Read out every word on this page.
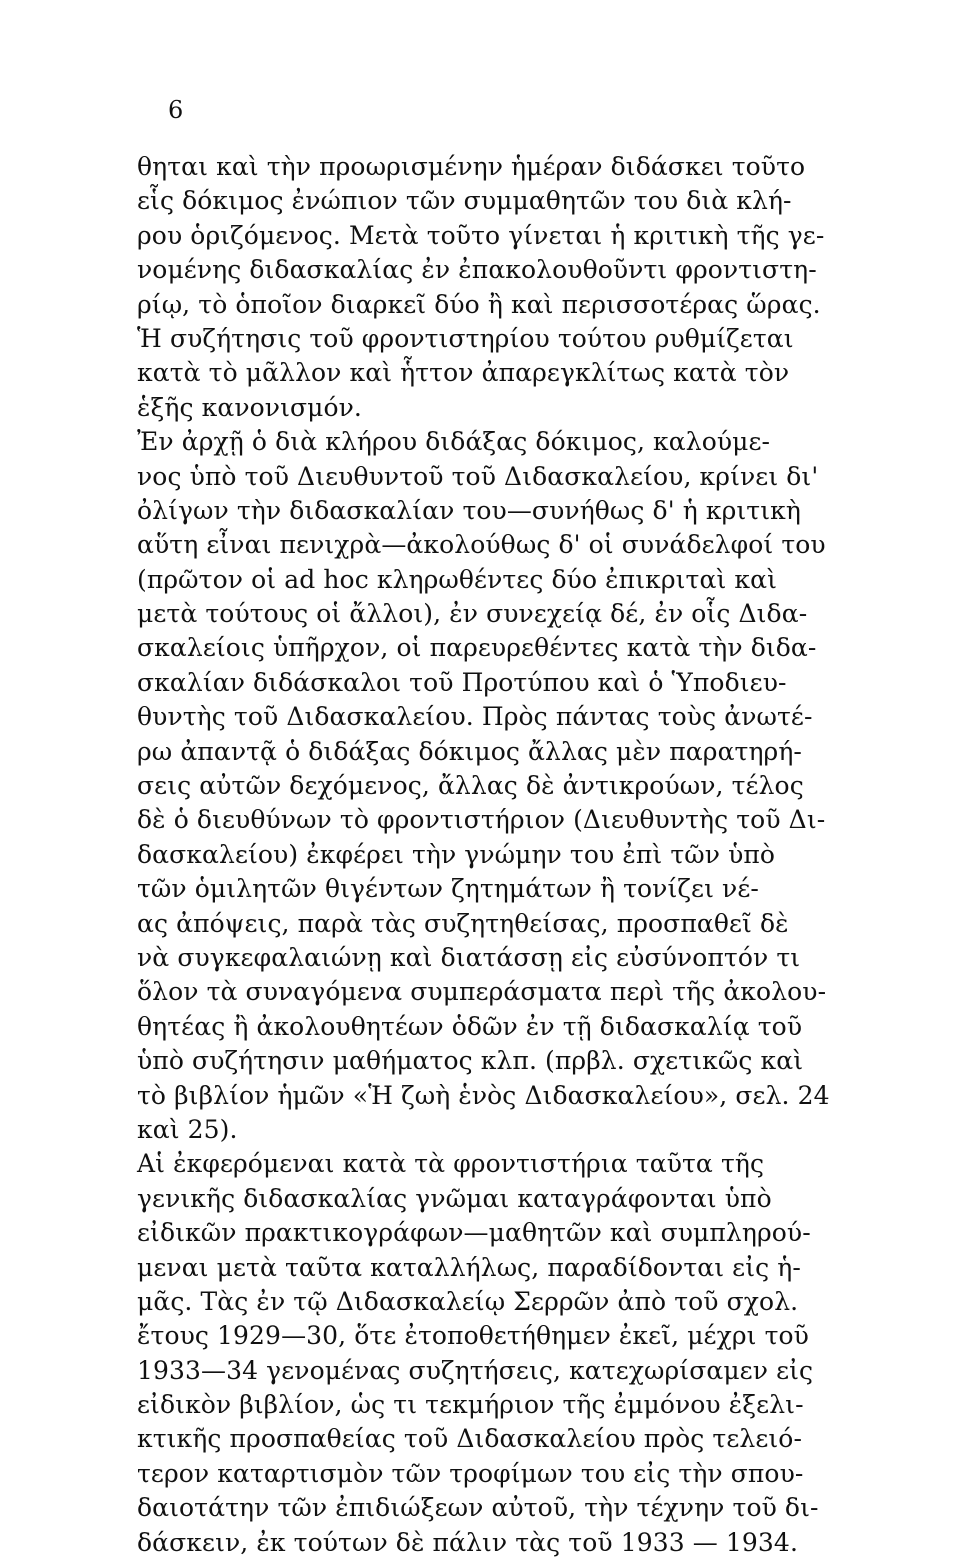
6
θηται καὶ τὴν προωρισμένην ἡμέραν διδάσκει τοῦτο
εἷς δόκιμος ἐνώπιον τῶν συμμαθητῶν του διὰ κλή-
ρου ὁριζόμενος. Μετὰ τοῦτο γίνεται ἡ κριτικὴ τῆς γε-
νομένης διδασκαλίας ἐν ἐπακολουθοῦντι φροντιστη-
ρίῳ, τὸ ὁποῖον διαρκεῖ δύο ἢ καὶ περισσοτέρας ὥρας.
Ἡ συζήτησις τοῦ φροντιστηρίου τούτου ρυθμίζεται
κατὰ τὸ μᾶλλον καὶ ἧττον ἀπαρεγκλίτως κατὰ τὸν
ἑξῆς κανονισμόν.
Ἐν ἀρχῇ ὁ διὰ κλήρου διδάξας δόκιμος, καλούμε-
νος ὑπὸ τοῦ Διευθυντοῦ τοῦ Διδασκαλείου, κρίνει δι'
ὀλίγων τὴν διδασκαλίαν του—συνήθως δ' ἡ κριτικὴ
αὕτη εἶναι πενιχρὰ—ἀκολούθως δ' οἱ συνάδελφοί του
(πρῶτον οἱ ad hoc κληρωθέντες δύο ἐπικριταὶ καὶ
μετὰ τούτους οἱ ἄλλοι), ἐν συνεχείᾳ δέ, ἐν οἷς Διδα-
σκαλείοις ὑπῆρχον, οἱ παρευρεθέντες κατὰ τὴν διδα-
σκαλίαν διδάσκαλοι τοῦ Προτύπου καὶ ὁ Ὑποδιευ-
θυντὴς τοῦ Διδασκαλείου. Πρὸς πάντας τοὺς ἀνωτέ-
ρω ἀπαντᾷ ὁ διδάξας δόκιμος ἄλλας μὲν παρατηρή-
σεις αὐτῶν δεχόμενος, ἄλλας δὲ ἀντικρούων, τέλος
δὲ ὁ διευθύνων τὸ φροντιστήριον (Διευθυντὴς τοῦ Δι-
δασκαλείου) ἐκφέρει τὴν γνώμην του ἐπὶ τῶν ὑπὸ
τῶν ὁμιλητῶν θιγέντων ζητημάτων ἢ τονίζει νέ-
ας ἀπόψεις, παρὰ τὰς συζητηθείσας, προσπαθεῖ δὲ
νὰ συγκεφαλαιώνῃ καὶ διατάσσῃ εἰς εὐσύνοπτόν τι
ὅλον τὰ συναγόμενα συμπεράσματα περὶ τῆς ἀκολου-
θητέας ἢ ἀκολουθητέων ὁδῶν ἐν τῇ διδασκαλίᾳ τοῦ
ὑπὸ συζήτησιν μαθήματος κλπ. (πρβλ. σχετικῶς καὶ
τὸ βιβλίον ἡμῶν «Ἡ ζωὴ ἑνὸς Διδασκαλείου», σελ. 24
καὶ 25).
Αἱ ἐκφερόμεναι κατὰ τὰ φροντιστήρια ταῦτα τῆς
γενικῆς διδασκαλίας γνῶμαι καταγράφονται ὑπὸ
εἰδικῶν πρακτικογράφων—μαθητῶν καὶ συμπληρού-
μεναι μετὰ ταῦτα καταλλήλως, παραδίδονται εἰς ἡ-
μᾶς. Τὰς ἐν τῷ Διδασκαλείῳ Σερρῶν ἀπὸ τοῦ σχολ.
ἔτους 1929—30, ὅτε ἐτοποθετήθημεν ἐκεῖ, μέχρι τοῦ
1933—34 γενομένας συζητήσεις, κατεχωρίσαμεν εἰς
εἰδικὸν βιβλίον, ὡς τι τεκμήριον τῆς ἐμμόνου ἐξελι-
κτικῆς προσπαθείας τοῦ Διδασκαλείου πρὸς τελειό-
τερον καταρτισμὸν τῶν τροφίμων του εἰς τὴν σπου-
δαιοτάτην τῶν ἐπιδιώξεων αὐτοῦ, τὴν τέχνην τοῦ δι-
δάσκειν, ἐκ τούτων δὲ πάλιν τὰς τοῦ 1933 — 1934.
